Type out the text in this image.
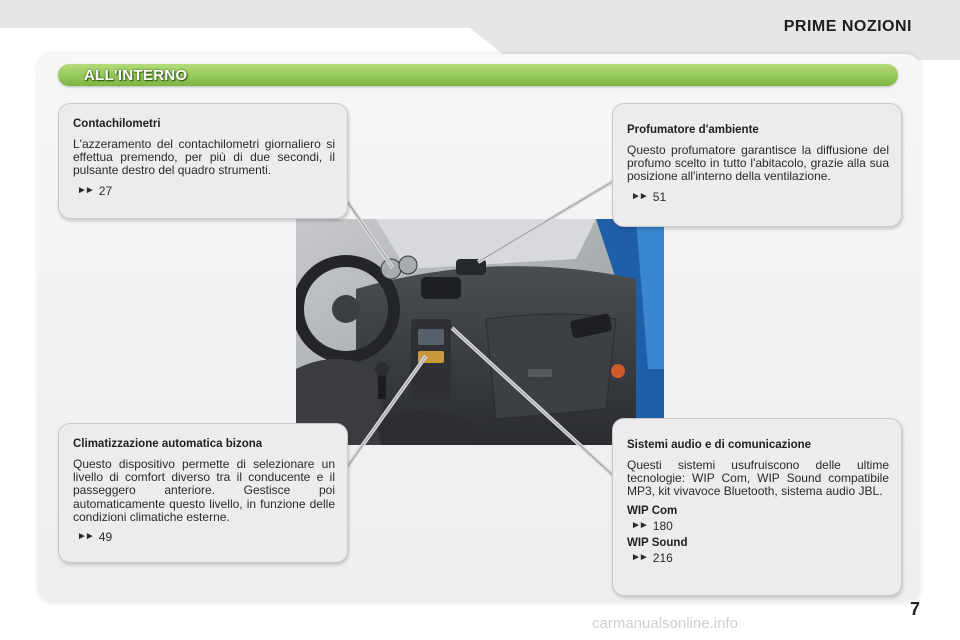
PRIME NOZIONI
ALL'INTERNO
Contachilometri

L'azzeramento del contachilometri giornaliero si effettua premendo, per più di due secondi, il pulsante destro del quadro strumenti.

►► 27
Profumatore d'ambiente

Questo profumatore garantisce la diffusione del profumo scelto in tutto l'abitacolo, grazie alla sua posizione all'interno della ventilazione.

►► 51
Climatizzazione automatica bizona

Questo dispositivo permette di selezionare un livello di comfort diverso tra il conducente e il passeggero anteriore. Gestisce poi automaticamente questo livello, in funzione delle condizioni climatiche esterne.

►► 49
Sistemi audio e di comunicazione

Questi sistemi usufruiscono delle ultime tecnologie: WIP Com, WIP Sound compatibile MP3, kit vivavoce Bluetooth, sistema audio JBL.

WIP Com
►► 180
WIP Sound
►► 216
7
carmanualsonline.info
